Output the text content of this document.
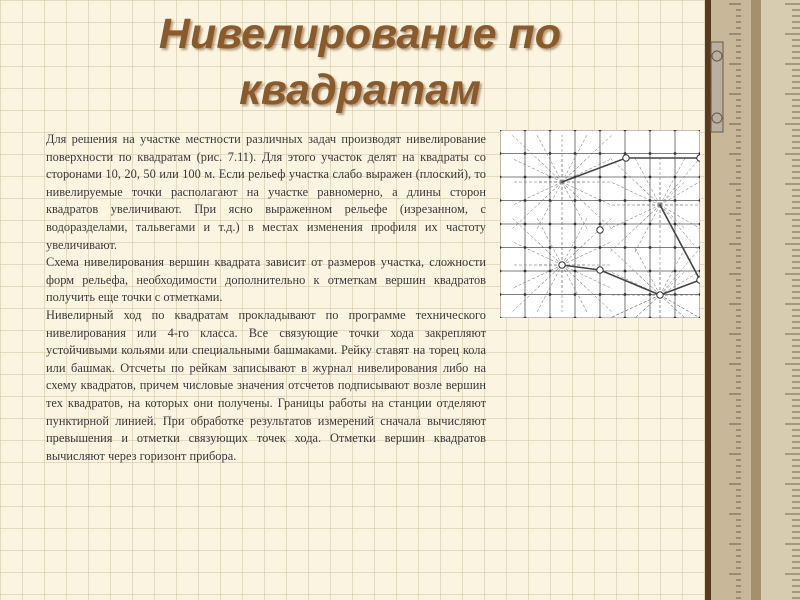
Нивелирование по квадратам

Для решения на участке местности различных задач производят нивелирование поверхности по квадратам (рис. 7.11). Для этого участок делят на квадраты со сторонами 10, 20, 50 или 100 м. Если рельеф участка слабо выражен (плоский), то нивелируемые точки располагают на участке равномерно, а длины сторон квадратов увеличивают. При ясно выраженном рельефе (изрезанном, с водоразделами, тальвегами и т.д.) в местах изменения профиля их частоту увеличивают.

Схема нивелирования вершин квадрата зависит от размеров участка, сложности форм рельефа, необходимости дополнительно к отметкам вершин квадратов получить еще точки с отметками.

Нивелирный ход по квадратам прокладывают по программе технического нивелирования или 4-го класса. Все связующие точки хода закрепляют устойчивыми кольями или специальными башмаками. Рейку ставят на торец кола или башмак. Отсчеты по рейкам записывают в журнал нивелирования либо на схему квадратов, причем числовые значения отсчетов подписывают возле вершин тех квадратов, на которых они получены. Границы работы на станции отделяют пунктирной линией. При обработке результатов измерений сначала вычисляют превышения и отметки связующих точек хода. Отметки вершин квадратов вычисляют через горизонт прибора.
